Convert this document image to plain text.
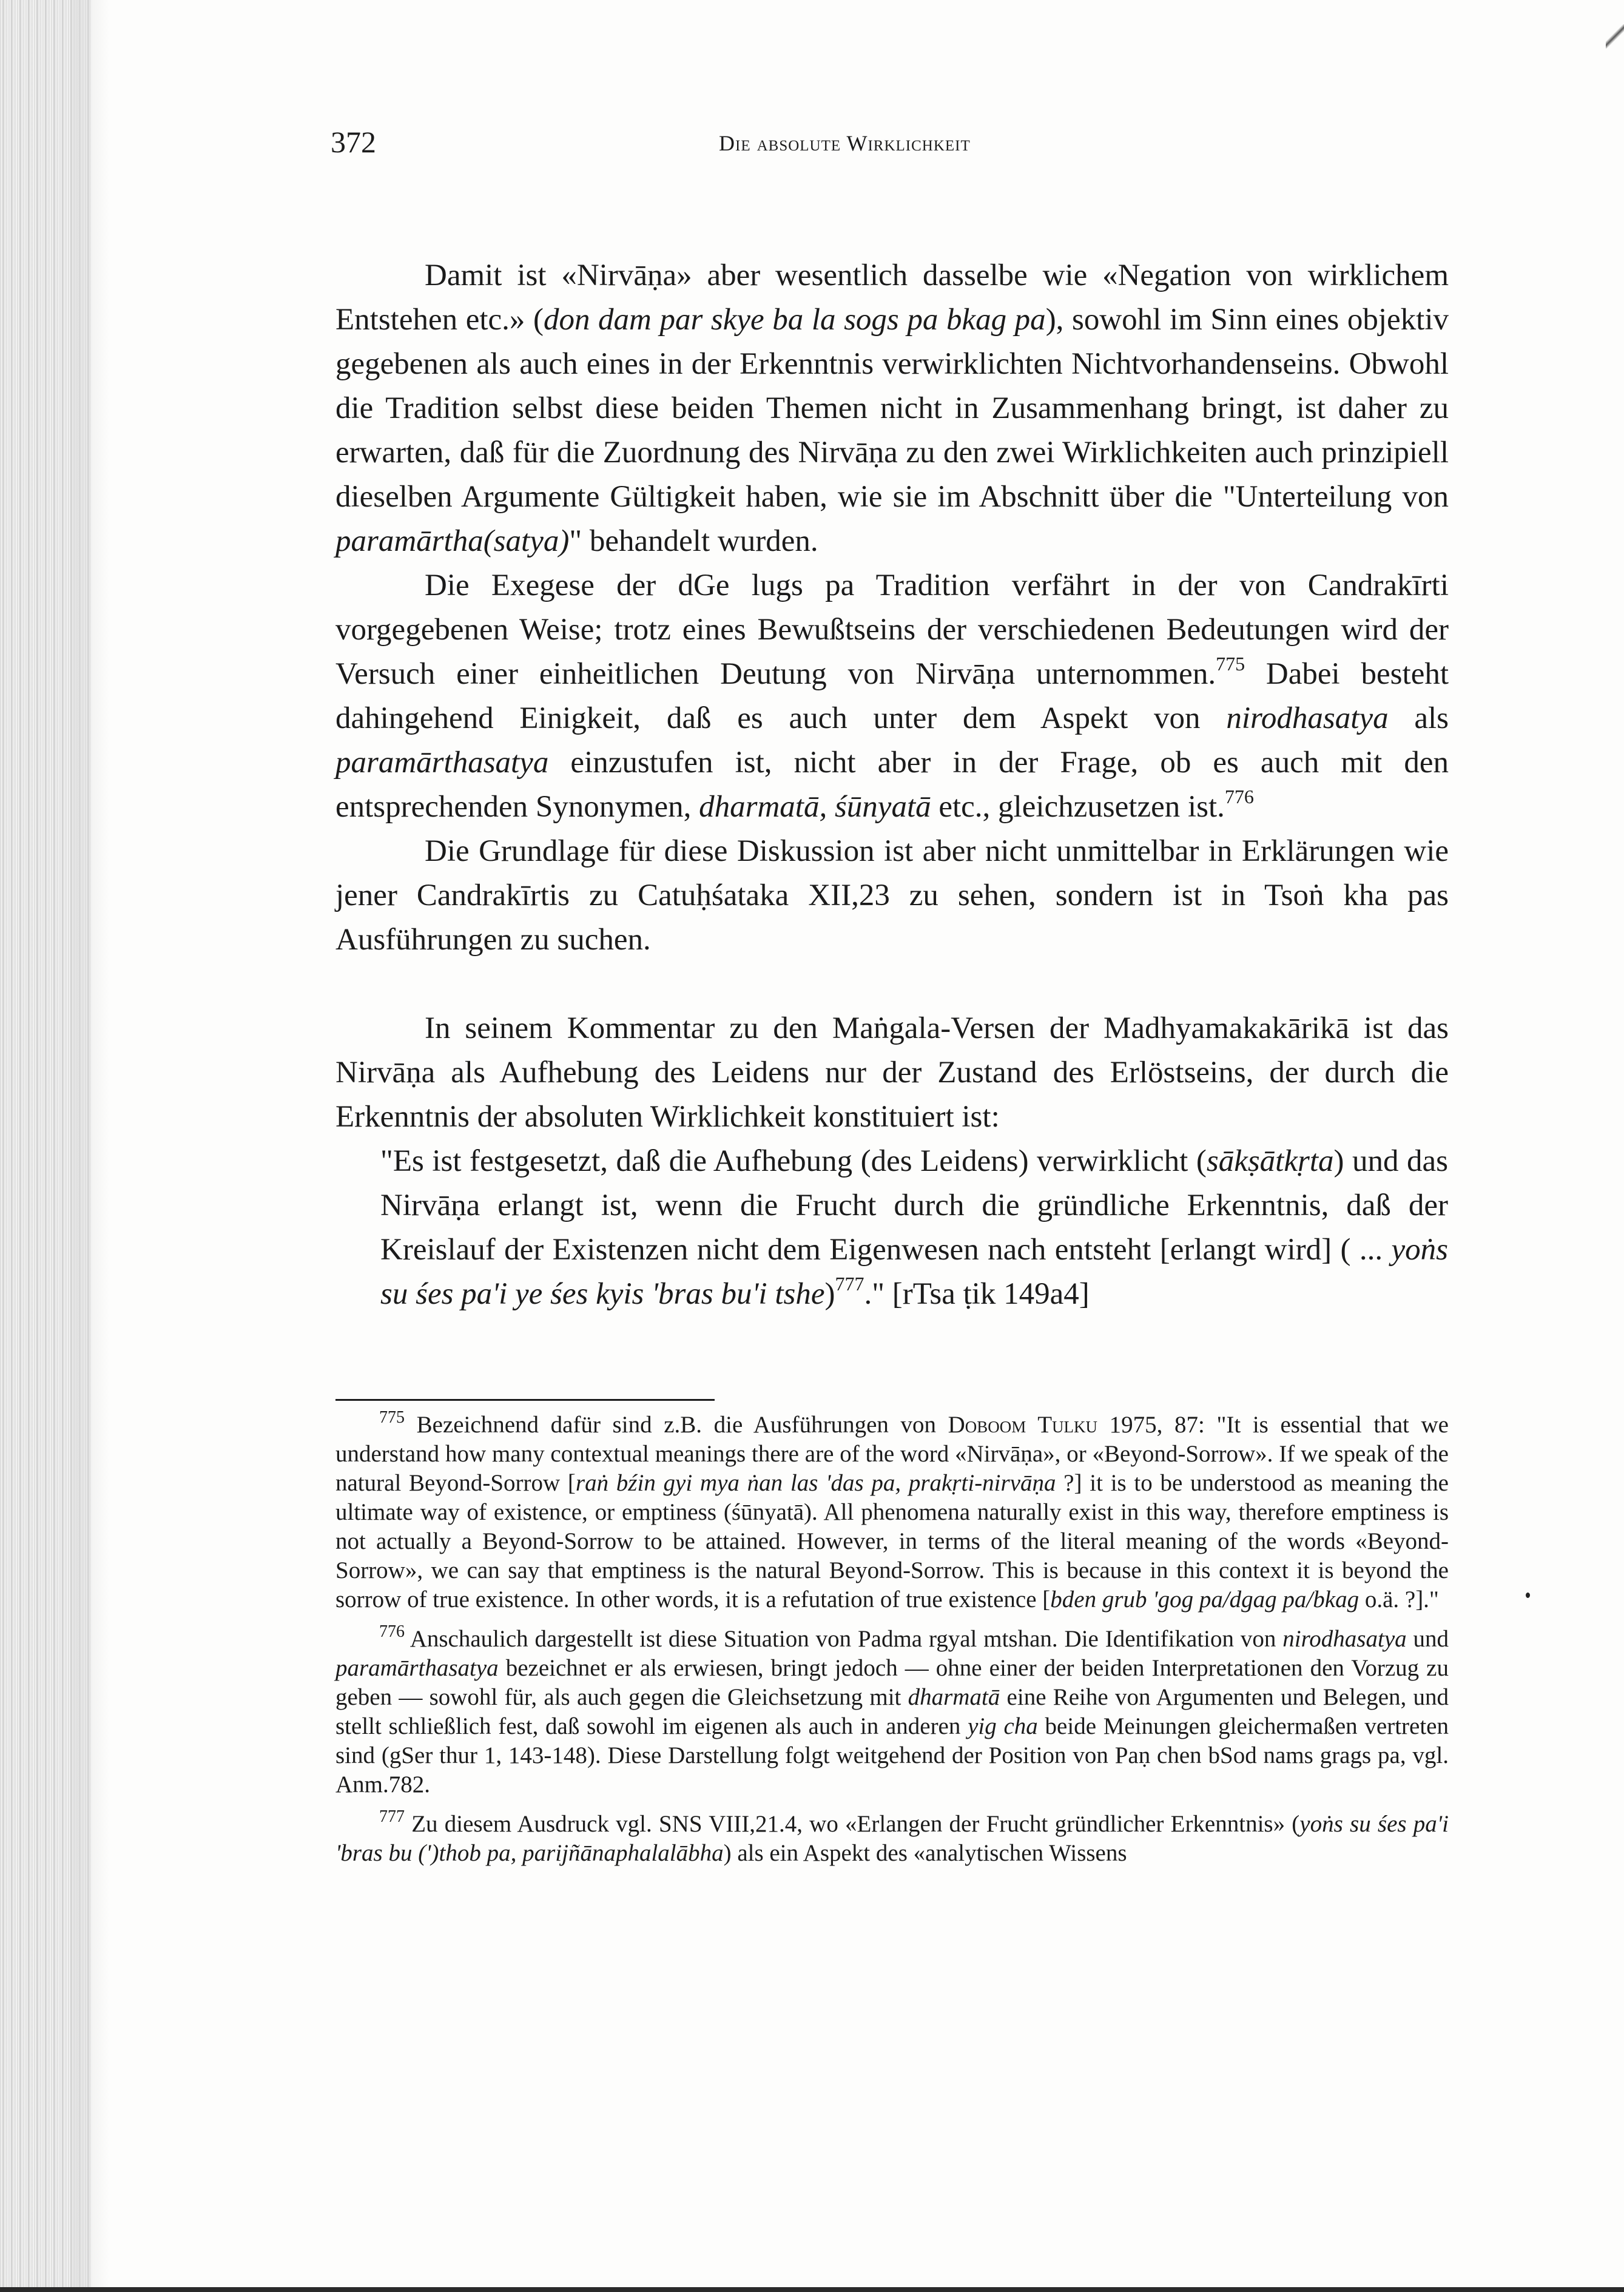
372	Die absolute Wirklichkeit

Damit ist «Nirvāṇa» aber wesentlich dasselbe wie «Negation von wirklichem Entstehen etc.» (don dam par skye ba la sogs pa bkag pa), sowohl im Sinn eines objektiv gegebenen als auch eines in der Erkenntnis verwirklichten Nichtvorhandenseins. Obwohl die Tradition selbst diese beiden Themen nicht in Zusammenhang bringt, ist daher zu erwarten, daß für die Zuordnung des Nirvāṇa zu den zwei Wirklichkeiten auch prinzipiell dieselben Argumente Gültigkeit haben, wie sie im Abschnitt über die "Unterteilung von paramārtha(satya)" behandelt wurden.

Die Exegese der dGe lugs pa Tradition verfährt in der von Candrakīrti vorgegebenen Weise; trotz eines Bewußtseins der verschiedenen Bedeutungen wird der Versuch einer einheitlichen Deutung von Nirvāṇa unternommen.$^{775}$ Dabei besteht dahingehend Einigkeit, daß es auch unter dem Aspekt von nirodhasatya als paramārthasatya einzustufen ist, nicht aber in der Frage, ob es auch mit den entsprechenden Synonymen, dharmatā, śūnyatā etc., gleichzusetzen ist.$^{776}$

Die Grundlage für diese Diskussion ist aber nicht unmittelbar in Erklärungen wie jener Candrakīrtis zu Catuḥśataka XII,23 zu sehen, sondern ist in Tsoṅ kha pas Ausführungen zu suchen.

In seinem Kommentar zu den Maṅgala-Versen der Madhyamakakārikā ist das Nirvāṇa als Aufhebung des Leidens nur der Zustand des Erlöstseins, der durch die Erkenntnis der absoluten Wirklichkeit konstituiert ist:

"Es ist festgesetzt, daß die Aufhebung (des Leidens) verwirklicht (sākṣātkṛta) und das Nirvāṇa erlangt ist, wenn die Frucht durch die gründliche Erkenntnis, daß der Kreislauf der Existenzen nicht dem Eigenwesen nach entsteht [erlangt wird] ( ... yoṅs su śes pa'i ye śes kyis 'bras bu'i tshe)$^{777}$." [rTsa ṭik 149a4]

$^{775}$ Bezeichnend dafür sind z.B. die Ausführungen von Doboom Tulku 1975, 87: "It is essential that we understand how many contextual meanings there are of the word «Nirvāṇa», or «Beyond-Sorrow». If we speak of the natural Beyond-Sorrow [raṅ bźin gyi mya ṅan las 'das pa, prakṛti-nirvāṇa ?] it is to be understood as meaning the ultimate way of existence, or emptiness (śūnyatā). All phenomena naturally exist in this way, therefore emptiness is not actually a Beyond-Sorrow to be attained. However, in terms of the literal meaning of the words «Beyond-Sorrow», we can say that emptiness is the natural Beyond-Sorrow. This is because in this context it is beyond the sorrow of true existence. In other words, it is a refutation of true existence [bden grub 'gog pa/dgag pa/bkag o.ä. ?]."

$^{776}$ Anschaulich dargestellt ist diese Situation von Padma rgyal mtshan. Die Identifikation von nirodhasatya und paramārthasatya bezeichnet er als erwiesen, bringt jedoch — ohne einer der beiden Interpretationen den Vorzug zu geben — sowohl für, als auch gegen die Gleichsetzung mit dharmatā eine Reihe von Argumenten und Belegen, und stellt schließlich fest, daß sowohl im eigenen als auch in anderen yig cha beide Meinungen gleichermaßen vertreten sind (gSer thur 1, 143-148). Diese Darstellung folgt weitgehend der Position von Paṇ chen bSod nams grags pa, vgl. Anm.782.

$^{777}$ Zu diesem Ausdruck vgl. SNS VIII,21.4, wo «Erlangen der Frucht gründlicher Erkenntnis» (yoṅs su śes pa'i 'bras bu (')thob pa, parijñānaphalalābha) als ein Aspekt des «analytischen Wissens
